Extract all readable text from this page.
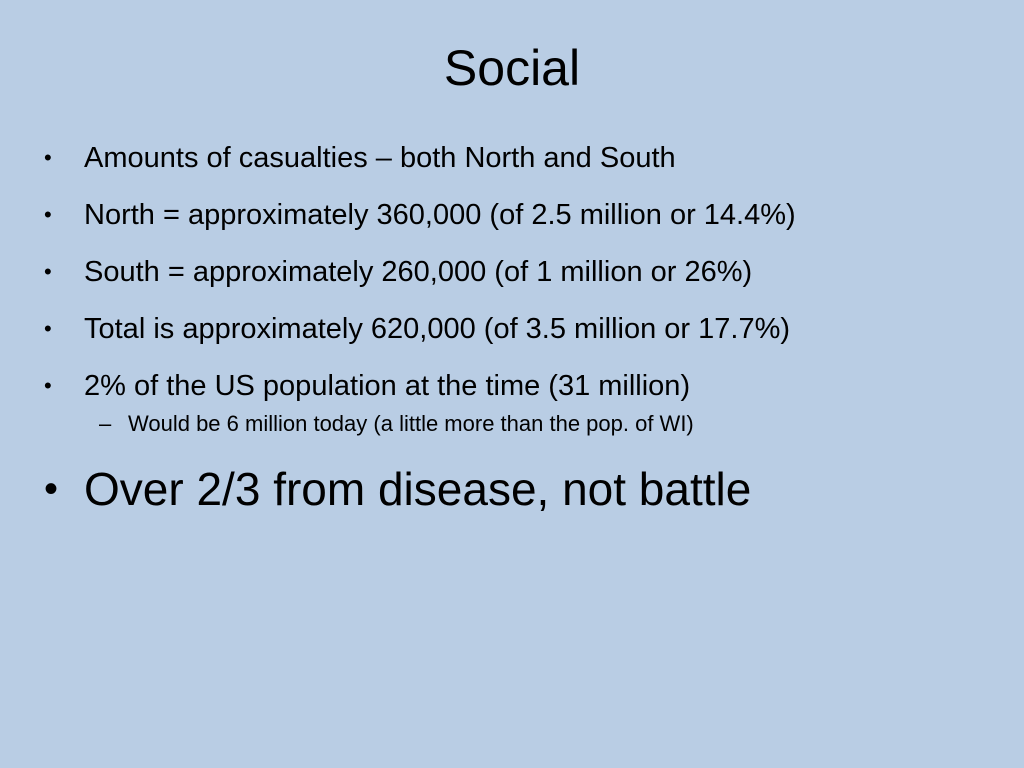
Social
•	Amounts of casualties – both North and South
•	North = approximately 360,000 (of 2.5 million or 14.4%)
•	South = approximately 260,000 (of 1 million or 26%)
•	Total is approximately 620,000 (of 3.5 million or 17.7%)
•	2% of the US population at the time (31 million)
– Would be 6 million today (a little more than the pop. of WI)
• Over 2/3 from disease, not battle
